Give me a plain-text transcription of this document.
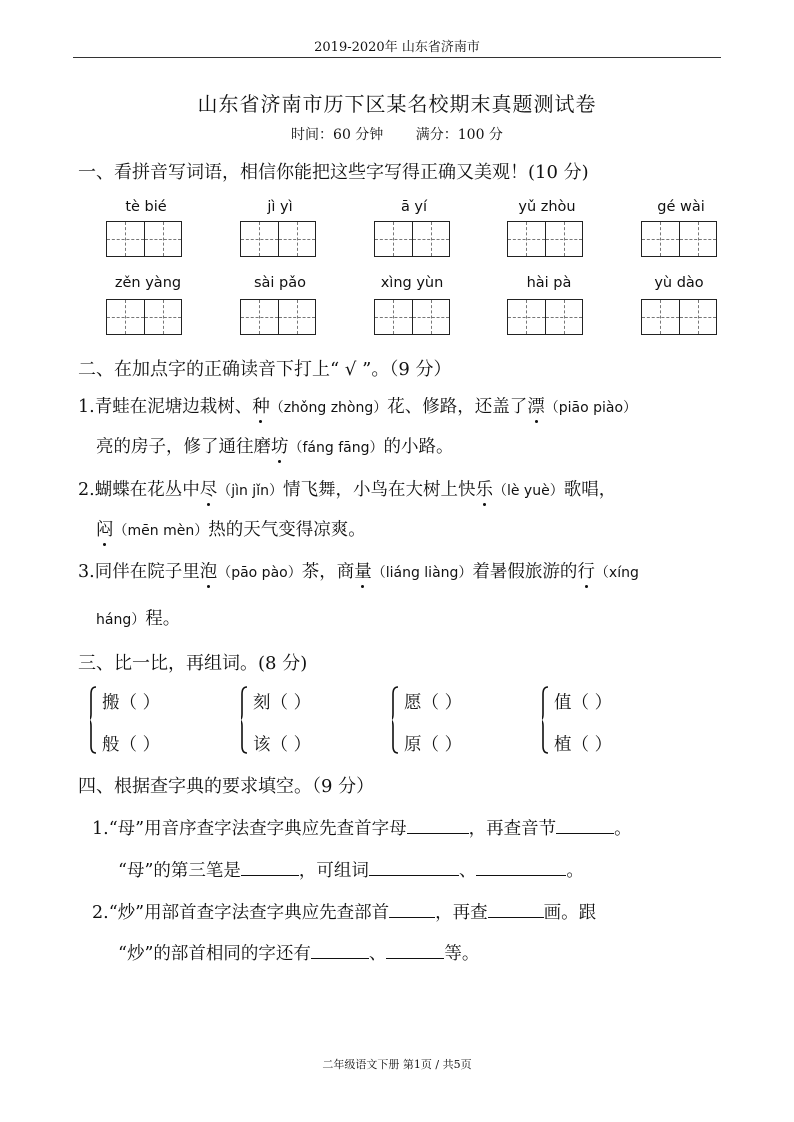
2019-2020年 山东省济南市
山东省济南市历下区某名校期末真题测试卷
时间：60 分钟 满分：100 分
一、看拼音写词语，相信你能把这些字写得正确又美观！(10 分)
tè bié	jì yì	ā yí	yǔ zhòu	gé wài
zěn yàng	sài pǎo	xìng yùn	hài pà	yù dào
二、在加点字的正确读音下打上“ √ ”。（9 分）
1.青蛙在泥塘边栽树、种（zhǒng zhòng）花、修路，还盖了漂（piāo piào）
亮的房子，修了通往磨坊（fáng fāng）的小路。
2.蝴蝶在花丛中尽（jìn jǐn）情飞舞，小鸟在大树上快乐（lè yuè）歌唱，
闷（mēn mèn）热的天气变得凉爽。
3.同伴在院子里泡（pāo pào）茶，商量（liáng liàng）着暑假旅游的行（xíng
háng）程。
三、比一比，再组词。(8 分)
搬（ ）
般（ ）
刻（ ）
该（ ）
愿（ ）
原（ ）
值（ ）
植（ ）
四、根据查字典的要求填空。（9 分）
1.“母”用音序查字法查字典应先查首字母	，再查音节	。
“母”的第三笔是	，可组词	、	。
2.“炒”用部首查字法查字典应先查部首	，再查	画。跟
“炒”的部首相同的字还有	、	等。
二年级语文下册 第1页 / 共5页
